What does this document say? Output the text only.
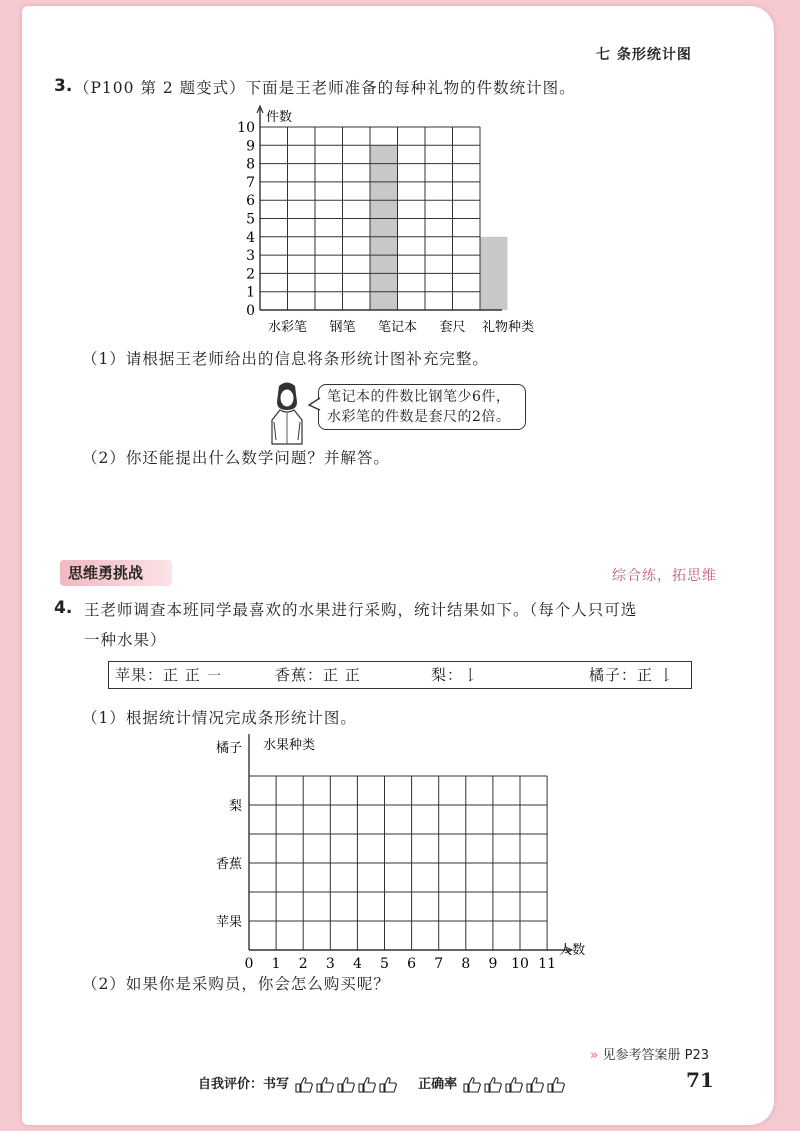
七 条形统计图
3. （P100 第 2 题变式）下面是王老师准备的每种礼物的件数统计图。
0
1
2
3
4
5
6
7
8
9
10
件数
水彩笔 钢笔 笔记本 套尺 礼物种类
（1）请根据王老师给出的信息将条形统计图补充完整。
笔记本的件数比钢笔少6件，
水彩笔的件数是套尺的2倍。
（2）你还能提出什么数学问题？并解答。
思维勇挑战	综合练，拓思维
4. 王老师调查本班同学最喜欢的水果进行采购，统计结果如下。（每个人只可选
一种水果）
苹果：正 正 ㇐	香蕉：正 正	梨：𠄌	橘子：正 𠄌
（1）根据统计情况完成条形统计图。
0 1 2 3 4 5 6 7 8 9 10 11
人数
水果种类
苹果
香蕉
梨
橘子
（2）如果你是采购员，你会怎么购买呢？
» 见参考答案册 P23
自我评价：书写	正确率	71
